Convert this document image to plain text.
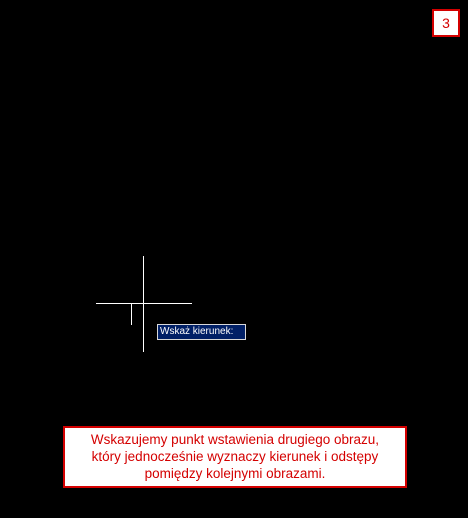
3
Wskaż kierunek:
Wskazujemy punkt wstawienia drugiego obrazu,
który jednocześnie wyznaczy kierunek i odstępy
pomiędzy kolejnymi obrazami.
